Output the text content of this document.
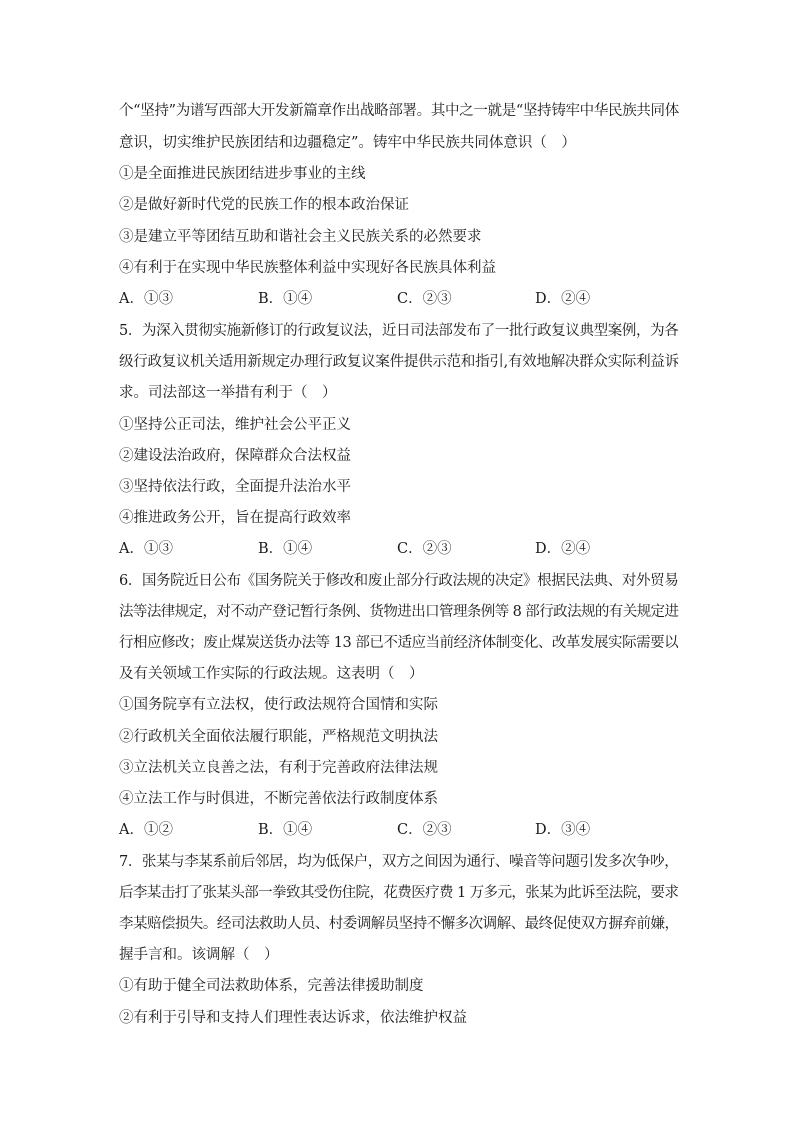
个“坚持”为谱写西部大开发新篇章作出战略部署。其中之一就是“坚持铸牢中华民族共同体
意识，切实维护民族团结和边疆稳定”。铸牢中华民族共同体意识（　）
①是全面推进民族团结进步事业的主线
②是做好新时代党的民族工作的根本政治保证
③是建立平等团结互助和谐社会主义民族关系的必然要求
④有利于在实现中华民族整体利益中实现好各民族具体利益
A．①③	B．①④	C．②③	D．②④
5．为深入贯彻实施新修订的行政复议法，近日司法部发布了一批行政复议典型案例，为各
级行政复议机关适用新规定办理行政复议案件提供示范和指引,有效地解决群众实际利益诉
求。司法部这一举措有利于（　）
①坚持公正司法，维护社会公平正义
②建设法治政府，保障群众合法权益
③坚持依法行政，全面提升法治水平
④推进政务公开，旨在提高行政效率
A．①③	B．①④	C．②③	D．②④
6．国务院近日公布《国务院关于修改和废止部分行政法规的决定》根据民法典、对外贸易
法等法律规定，对不动产登记暂行条例、货物进出口管理条例等 8 部行政法规的有关规定进
行相应修改；废止煤炭送货办法等 13 部已不适应当前经济体制变化、改革发展实际需要以
及有关领域工作实际的行政法规。这表明（　）
①国务院享有立法权，使行政法规符合国情和实际
②行政机关全面依法履行职能，严格规范文明执法
③立法机关立良善之法，有利于完善政府法律法规
④立法工作与时俱进，不断完善依法行政制度体系
A．①②	B．①④	C．②③	D．③④
7．张某与李某系前后邻居，均为低保户，双方之间因为通行、噪音等问题引发多次争吵，
后李某击打了张某头部一拳致其受伤住院，花费医疗费 1 万多元，张某为此诉至法院，要求
李某赔偿损失。经司法救助人员、村委调解员坚持不懈多次调解、最终促使双方摒弃前嫌，
握手言和。该调解（　）
①有助于健全司法救助体系，完善法律援助制度
②有利于引导和支持人们理性表达诉求，依法维护权益
